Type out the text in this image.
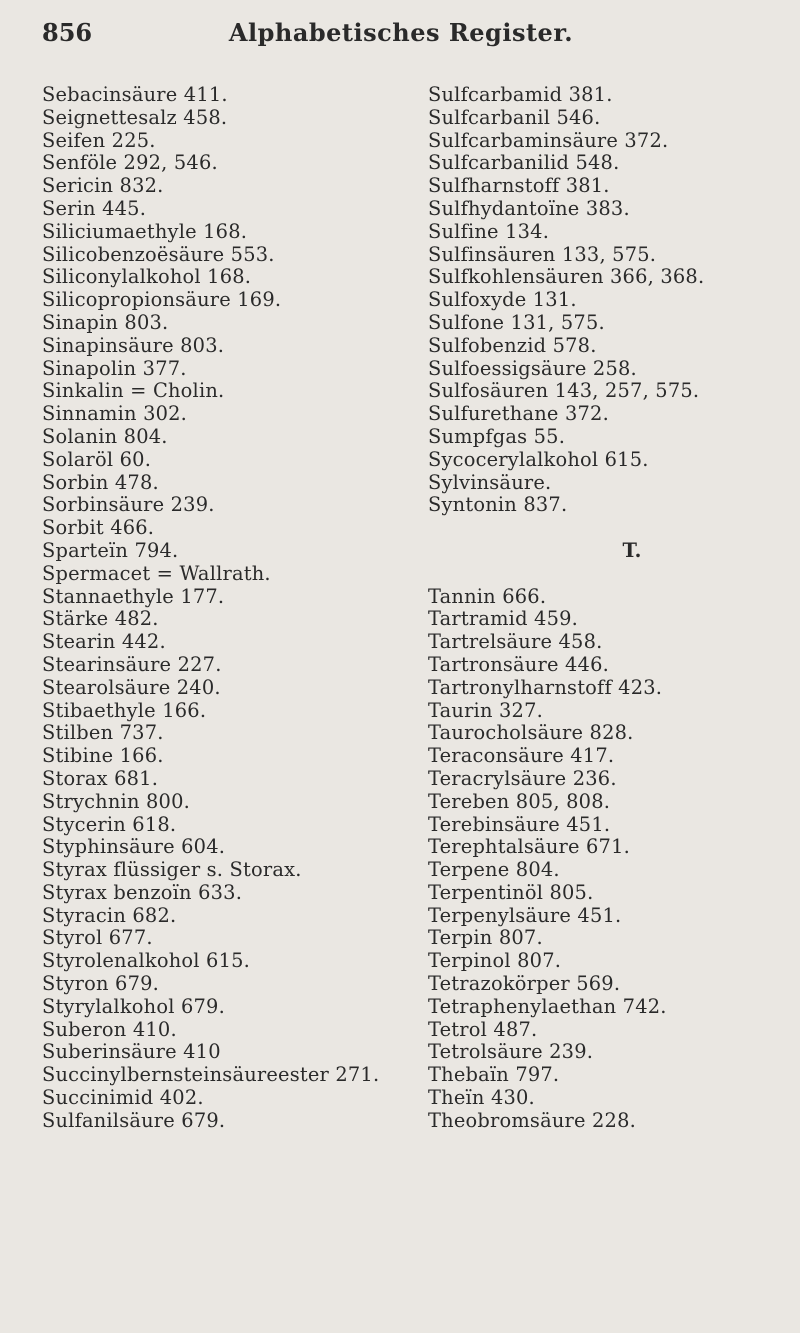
856	Alphabetisches Register.
Sebacinsäure 411.
Seignettesalz 458.
Seifen 225.
Senföle 292, 546.
Sericin 832.
Serin 445.
Siliciumaethyle 168.
Silicobenzoësäure 553.
Siliconylalkohol 168.
Silicopropionsäure 169.
Sinapin 803.
Sinapinsäure 803.
Sinapolin 377.
Sinkalin = Cholin.
Sinnamin 302.
Solanin 804.
Solaröl 60.
Sorbin 478.
Sorbinsäure 239.
Sorbit 466.
Sparteïn 794.
Spermacet = Wallrath.
Stannaethyle 177.
Stärke 482.
Stearin 442.
Stearinsäure 227.
Stearolsäure 240.
Stibaethyle 166.
Stilben 737.
Stibine 166.
Storax 681.
Strychnin 800.
Stycerin 618.
Styphinsäure 604.
Styrax flüssiger s. Storax.
Styrax benzoïn 633.
Styracin 682.
Styrol 677.
Styrolenalkohol 615.
Styron 679.
Styrylalkohol 679.
Suberon 410.
Suberinsäure 410
Succinylbernsteinsäureester 271.
Succinimid 402.
Sulfanilsäure 679.
Sulfcarbamid 381.
Sulfcarbanil 546.
Sulfcarbaminsäure 372.
Sulfcarbanilid 548.
Sulfharnstoff 381.
Sulfhydantoïne 383.
Sulfine 134.
Sulfinsäuren 133, 575.
Sulfkohlensäuren 366, 368.
Sulfoxyde 131.
Sulfone 131, 575.
Sulfobenzid 578.
Sulfoessigsäure 258.
Sulfosäuren 143, 257, 575.
Sulfurethane 372.
Sumpfgas 55.
Sycocerylalkohol 615.
Sylvinsäure.
Syntonin 837.
T.
Tannin 666.
Tartramid 459.
Tartrelsäure 458.
Tartronsäure 446.
Tartronylharnstoff 423.
Taurin 327.
Taurocholsäure 828.
Teraconsäure 417.
Teracrylsäure 236.
Tereben 805, 808.
Terebinsäure 451.
Terephtalsäure 671.
Terpene 804.
Terpentinöl 805.
Terpenylsäure 451.
Terpin 807.
Terpinol 807.
Tetrazokörper 569.
Tetraphenylaethan 742.
Tetrol 487.
Tetrolsäure 239.
Thebaïn 797.
Theïn 430.
Theobromsäure 228.
